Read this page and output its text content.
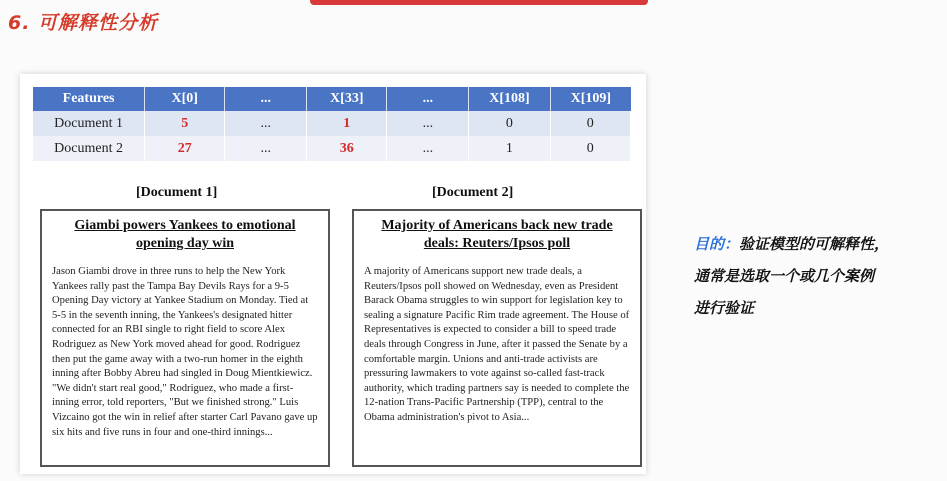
6. 可解释性分析
Features	X[0]	...	X[33]	...	X[108]	X[109]
Document 1	5	...	1	...	0	0
Document 2	27	...	36	...	1	0
[Document 1]	[Document 2]
Giambi powers Yankees to emotional opening day win
Jason Giambi drove in three runs to help the New York Yankees rally past the Tampa Bay Devils Rays for a 9-5 Opening Day victory at Yankee Stadium on Monday. Tied at 5-5 in the seventh inning, the Yankees's designated hitter connected for an RBI single to right field to score Alex Rodriguez as New York moved ahead for good. Rodriguez then put the game away with a two-run homer in the eighth inning after Bobby Abreu had singled in Doug Mientkiewicz. "We didn't start real good," Rodriguez, who made a first-inning error, told reporters, "But we finished strong." Luis Vizcaino got the win in relief after starter Carl Pavano gave up six hits and five runs in four and one-third innings...
Majority of Americans back new trade deals: Reuters/Ipsos poll
A majority of Americans support new trade deals, a Reuters/Ipsos poll showed on Wednesday, even as President Barack Obama struggles to win support for legislation key to sealing a signature Pacific Rim trade agreement. The House of Representatives is expected to consider a bill to speed trade deals through Congress in June, after it passed the Senate by a comfortable margin. Unions and anti-trade activists are pressuring lawmakers to vote against so-called fast-track authority, which trading partners say is needed to complete the 12-nation Trans-Pacific Partnership (TPP), central to the Obama administration's pivot to Asia...
目的：验证模型的可解释性，
通常是选取一个或几个案例
进行验证
